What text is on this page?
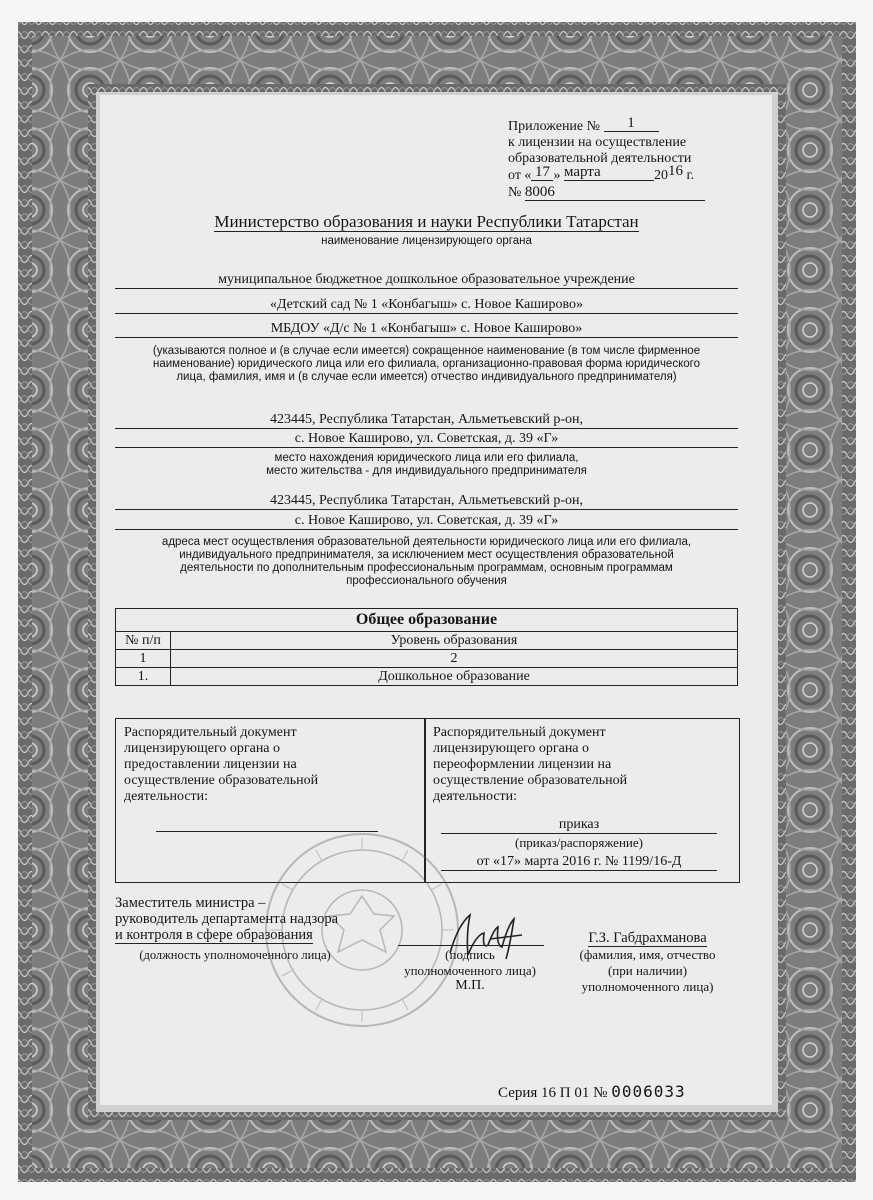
Приложение № 1
к лицензии на осуществление
образовательной деятельности
от « 17 » марта	2016 г.
№ 8006
Министерство образования и науки Республики Татарстан
наименование лицензирующего органа
муниципальное бюджетное дошкольное образовательное учреждение
«Детский сад № 1 «Конбагыш» с. Новое Каширово»
МБДОУ «Д/с № 1 «Конбагыш» с. Новое Каширово»
(указываются полное и (в случае если имеется) сокращенное наименование (в том числе фирменное
наименование) юридического лица или его филиала, организационно-правовая форма юридического
лица, фамилия, имя и (в случае если имеется) отчество индивидуального предпринимателя)
423445, Республика Татарстан, Альметьевский р-он,
с. Новое Каширово, ул. Советская, д. 39 «Г»
место нахождения юридического лица или его филиала,
место жительства - для индивидуального предпринимателя
423445, Республика Татарстан, Альметьевский р-он,
с. Новое Каширово, ул. Советская, д. 39 «Г»
адреса мест осуществления образовательной деятельности юридического лица или его филиала,
индивидуального предпринимателя, за исключением мест осуществления образовательной
деятельности по дополнительным профессиональным программам, основным программам
профессионального обучения
Общее образование	
№ п/п	Уровень образования
1	2
1.	Дошкольное образование
Распорядительный документ
лицензирующего органа о
предоставлении лицензии на
осуществление образовательной
деятельности:
Распорядительный документ
лицензирующего органа о
переоформлении лицензии на
осуществление образовательной
деятельности:
приказ
(приказ/распоряжение)
от «17» марта 2016 г. № 1199/16-Д
Заместитель министра –
руководитель департамента надзора
и контроля в сфере образования
(должность уполномоченного лица)	(подпись
уполномоченного лица)
М.П.
Г.З. Габдрахманова
(фамилия, имя, отчество
(при наличии)
уполномоченного лица)
Серия 16 П 01 № 0006033
